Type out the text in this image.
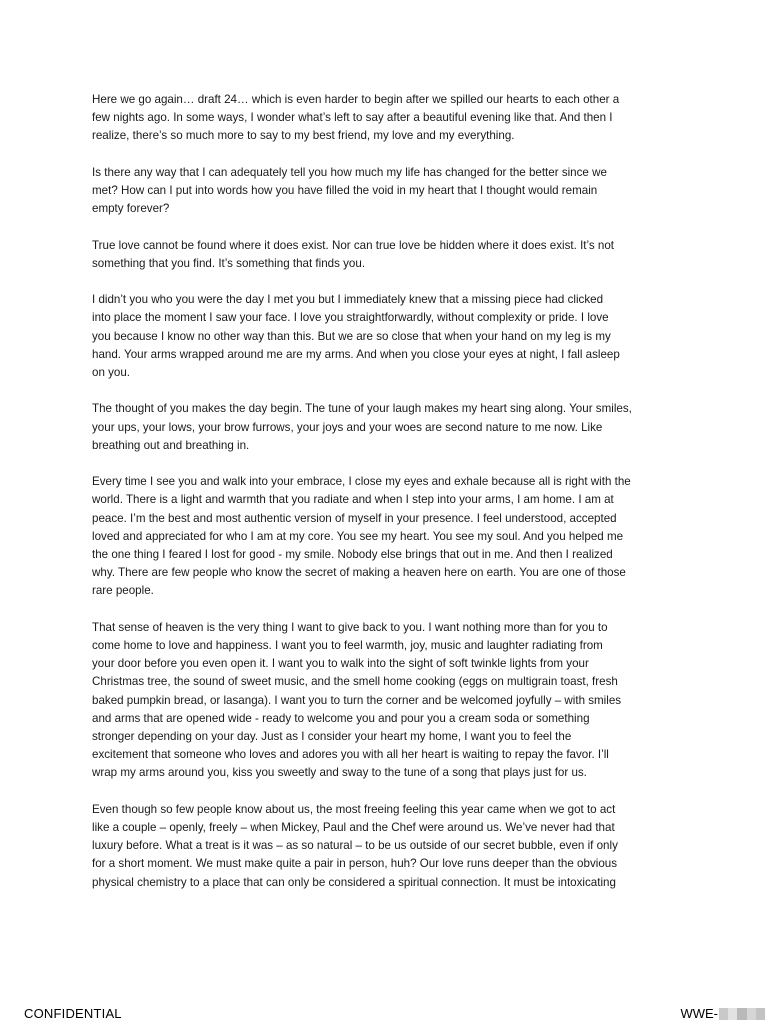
Here we go again… draft 24… which is even harder to begin after we spilled our hearts to each other a
few nights ago. In some ways, I wonder what’s left to say after a beautiful evening like that. And then I
realize, there’s so much more to say to my best friend, my love and my everything.

Is there any way that I can adequately tell you how much my life has changed for the better since we
met? How can I put into words how you have filled the void in my heart that I thought would remain
empty forever?

True love cannot be found where it does exist. Nor can true love be hidden where it does exist. It’s not
something that you find. It’s something that finds you.

I didn’t you who you were the day I met you but I immediately knew that a missing piece had clicked
into place the moment I saw your face. I love you straightforwardly, without complexity or pride. I love
you because I know no other way than this. But we are so close that when your hand on my leg is my
hand. Your arms wrapped around me are my arms. And when you close your eyes at night, I fall asleep
on you.

The thought of you makes the day begin. The tune of your laugh makes my heart sing along. Your smiles,
your ups, your lows, your brow furrows, your joys and your woes are second nature to me now. Like
breathing out and breathing in.

Every time I see you and walk into your embrace, I close my eyes and exhale because all is right with the
world. There is a light and warmth that you radiate and when I step into your arms, I am home. I am at
peace. I’m the best and most authentic version of myself in your presence. I feel understood, accepted
loved and appreciated for who I am at my core. You see my heart. You see my soul. And you helped me
the one thing I feared I lost for good - my smile. Nobody else brings that out in me. And then I realized
why. There are few people who know the secret of making a heaven here on earth. You are one of those
rare people.

That sense of heaven is the very thing I want to give back to you. I want nothing more than for you to
come home to love and happiness. I want you to feel warmth, joy, music and laughter radiating from
your door before you even open it. I want you to walk into the sight of soft twinkle lights from your
Christmas tree, the sound of sweet music, and the smell home cooking (eggs on multigrain toast, fresh
baked pumpkin bread, or lasanga). I want you to turn the corner and be welcomed joyfully – with smiles
and arms that are opened wide - ready to welcome you and pour you a cream soda or something
stronger depending on your day. Just as I consider your heart my home, I want you to feel the
excitement that someone who loves and adores you with all her heart is waiting to repay the favor. I’ll
wrap my arms around you, kiss you sweetly and sway to the tune of a song that plays just for us.

Even though so few people know about us, the most freeing feeling this year came when we got to act
like a couple – openly, freely – when Mickey, Paul and the Chef were around us. We’ve never had that
luxury before. What a treat is it was – as so natural – to be us outside of our secret bubble, even if only
for a short moment. We must make quite a pair in person, huh? Our love runs deeper than the obvious
physical chemistry to a place that can only be considered a spiritual connection. It must be intoxicating

CONFIDENTIAL	WWE-
